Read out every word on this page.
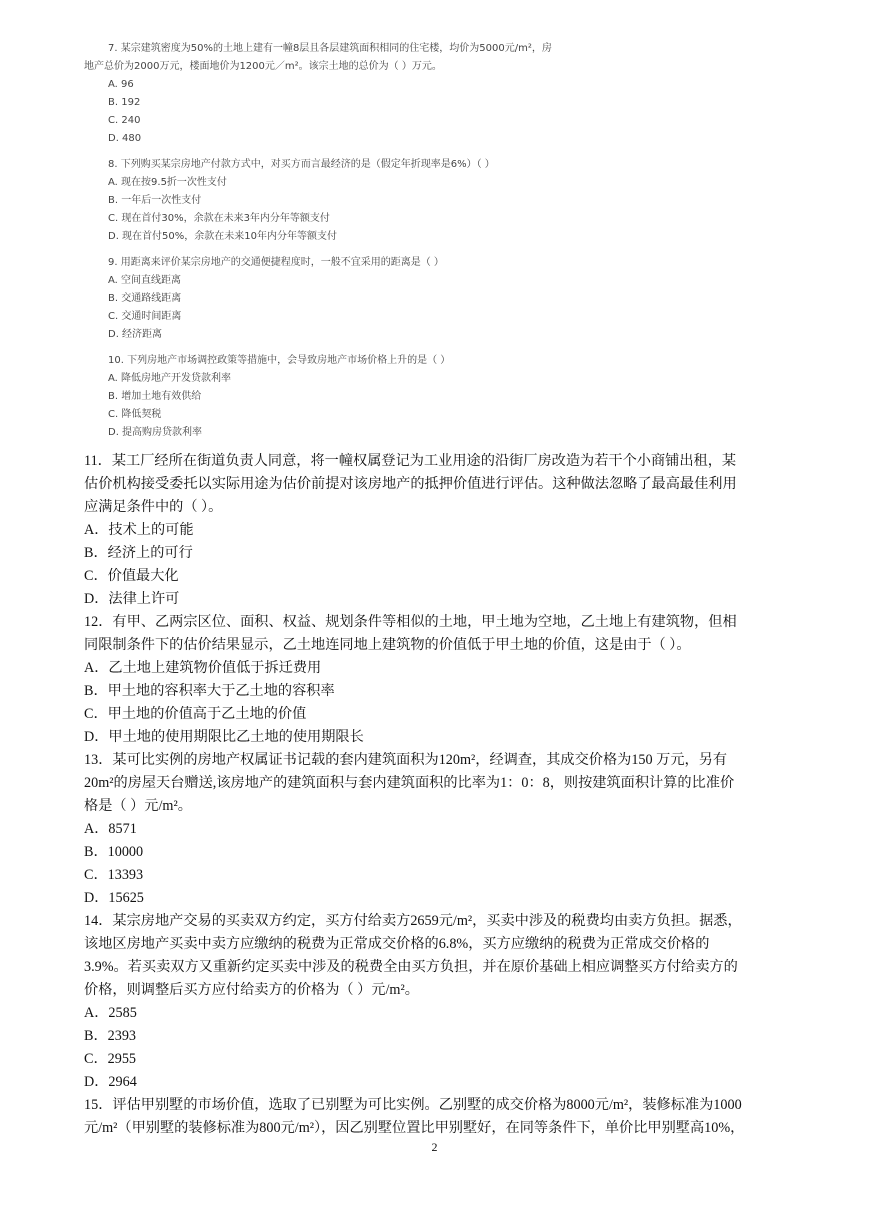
7. 某宗建筑密度为50%的土地上建有一幢8层且各层建筑面积相同的住宅楼，均价为5000元/m²，房

地产总价为2000万元，楼面地价为1200元／m²。该宗土地的总价为（ ）万元。

A. 96

B. 192

C. 240

D. 480

8. 下列购买某宗房地产付款方式中，对买方而言最经济的是（假定年折现率是6%）（ ）

A. 现在按9.5折一次性支付

B. 一年后一次性支付

C. 现在首付30%，余款在未来3年内分年等额支付

D. 现在首付50%，余款在未来10年内分年等额支付

9. 用距离来评价某宗房地产的交通便捷程度时，一般不宜采用的距离是（ ）

A. 空间直线距离

B. 交通路线距离

C. 交通时间距离

D. 经济距离

10. 下列房地产市场调控政策等措施中，会导致房地产市场价格上升的是（ ）

A. 降低房地产开发贷款利率

B. 增加土地有效供给

C. 降低契税

D. 提高购房贷款利率

11．某工厂经所在街道负责人同意，将一幢权属登记为工业用途的沿街厂房改造为若干个小商铺出租，某

估价机构接受委托以实际用途为估价前提对该房地产的抵押价值进行评估。这种做法忽略了最高最佳利用

应满足条件中的（ ）。

A．技术上的可能

B．经济上的可行

C．价值最大化

D．法律上许可

12．有甲、乙两宗区位、面积、权益、规划条件等相似的土地，甲土地为空地，乙土地上有建筑物，但相

同限制条件下的估价结果显示，乙土地连同地上建筑物的价值低于甲土地的价值，这是由于（ ）。

A．乙土地上建筑物价值低于拆迁费用

B．甲土地的容积率大于乙土地的容积率

C．甲土地的价值高于乙土地的价值

D．甲土地的使用期限比乙土地的使用期限长

13．某可比实例的房地产权属证书记载的套内建筑面积为120m²，经调查，其成交价格为150 万元，另有

20m²的房屋天台赠送,该房地产的建筑面积与套内建筑面积的比率为1：0：8，则按建筑面积计算的比准价

格是（ ）元/m²。

A．8571

B．10000

C．13393

D．15625

14．某宗房地产交易的买卖双方约定，买方付给卖方2659元/m²，买卖中涉及的税费均由卖方负担。据悉，

该地区房地产买卖中卖方应缴纳的税费为正常成交价格的6.8%，买方应缴纳的税费为正常成交价格的

3.9%。若买卖双方又重新约定买卖中涉及的税费全由买方负担，并在原价基础上相应调整买方付给卖方的

价格，则调整后买方应付给卖方的价格为（ ）元/m²。

A．2585

B．2393

C．2955

D．2964

15．评估甲别墅的市场价值，选取了已别墅为可比实例。乙别墅的成交价格为8000元/m²，装修标准为1000

元/m²（甲别墅的装修标准为800元/m²），因乙别墅位置比甲别墅好，在同等条件下，单价比甲别墅高10%，

2
